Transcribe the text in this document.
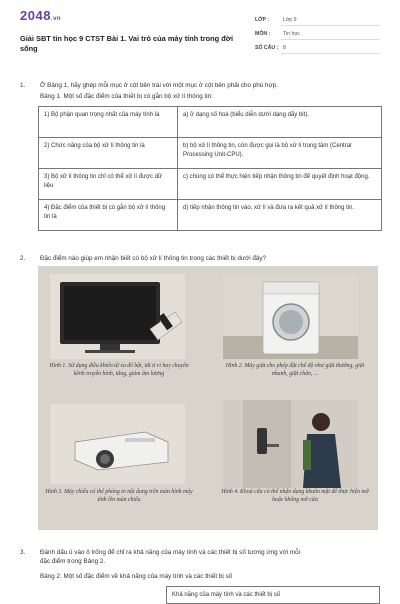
2048.vn
Giải SBT tin học 9 CTST Bài 1. Vai trò của máy tính trong đời sống
LỚP :	Lớp 9
MÔN : Tin học
SỐ CÂU : 8
1. Ở Bảng 1, hãy ghép mỗi mục ở cột bên trái với một mục ở cột bên phải cho phù hợp.
Bảng 1. Một số đặc điểm của thiết bị có gắn bộ xử lí thông tin:
1) Bộ phận quan trọng nhất của máy tính là	a) ở dạng số hoá (biểu diễn dưới dạng dãy bit).
2) Chức năng của bộ xử lí thông tin là	b) bộ xử lí thông tin, còn được gọi là bộ xử lí trung tâm (Central Processing Unit-CPU).
3) Bộ xử lí thông tin chỉ có thể xử lí được dữ liệu	c) chúng có thể thực hiện tiếp nhận thông tin để quyết định hoạt động.
4) Đặc điểm của thiết bị có gắn bộ xử lí thông tin là	d) tiếp nhận thông tin vào, xử lí và đưa ra kết quả xử lí thông tin.
2. Đặc điểm nào giúp em nhận biết có bộ xử lí thông tin trong các thiết bị dưới đây?
Hình 1. Sử dụng điều khiển từ xa để bật, tắt ti vi hay chuyển kênh truyền hình, tăng, giảm âm lượng
Hình 2. Máy giặt cho phép đặt chế độ như giặt thường, giặt nhanh, giặt chăn, ...
Hình 3. Máy chiếu có thể phóng to nội dung trên màn hình máy tính lên màn chiếu
Hình 4. Khoá cửa có thể nhận dạng khuôn mặt để thực hiện mở hoặc không mở cửa
3. Đánh dấu ü vào ô trống để chỉ ra khả năng của máy tính và các thiết bị số tương ứng với mỗi
đặc điểm trong Bảng 2.
Bảng 2. Một số đặc điểm về khả năng của máy tính và các thiết bị số
Khả năng của máy tính và các thiết bị số
